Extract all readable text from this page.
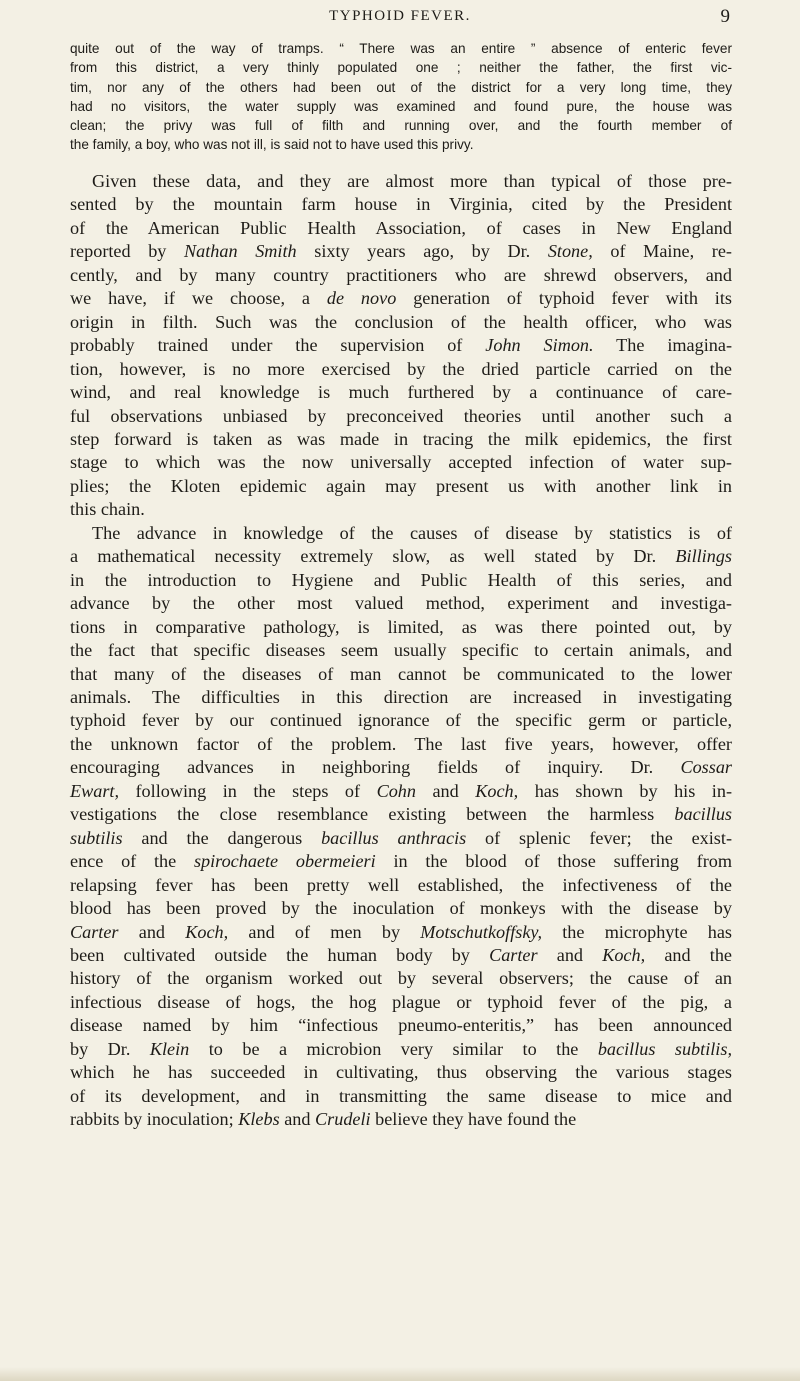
TYPHOID FEVER.	9
quite out of the way of tramps. “ There was an entire ” absence of enteric fever
from this district, a very thinly populated one ; neither the father, the first vic-
tim, nor any of the others had been out of the district for a very long time, they
had no visitors, the water supply was examined and found pure, the house was
clean; the privy was full of filth and running over, and the fourth member of
the family, a boy, who was not ill, is said not to have used this privy.
Given these data, and they are almost more than typical of those pre-
sented by the mountain farm house in Virginia, cited by the President
of the American Public Health Association, of cases in New England
reported by Nathan Smith sixty years ago, by Dr. Stone, of Maine, re-
cently, and by many country practitioners who are shrewd observers, and
we have, if we choose, a de novo generation of typhoid fever with its
origin in filth. Such was the conclusion of the health officer, who was
probably trained under the supervision of John Simon. The imagina-
tion, however, is no more exercised by the dried particle carried on the
wind, and real knowledge is much furthered by a continuance of care-
ful observations unbiased by preconceived theories until another such a
step forward is taken as was made in tracing the milk epidemics, the first
stage to which was the now universally accepted infection of water sup-
plies; the Kloten epidemic again may present us with another link in
this chain.
The advance in knowledge of the causes of disease by statistics is of
a mathematical necessity extremely slow, as well stated by Dr. Billings
in the introduction to Hygiene and Public Health of this series, and
advance by the other most valued method, experiment and investiga-
tions in comparative pathology, is limited, as was there pointed out, by
the fact that specific diseases seem usually specific to certain animals, and
that many of the diseases of man cannot be communicated to the lower
animals. The difficulties in this direction are increased in investigating
typhoid fever by our continued ignorance of the specific germ or particle,
the unknown factor of the problem. The last five years, however, offer
encouraging advances in neighboring fields of inquiry. Dr. Cossar
Ewart, following in the steps of Cohn and Koch, has shown by his in-
vestigations the close resemblance existing between the harmless bacillus
subtilis and the dangerous bacillus anthracis of splenic fever; the exist-
ence of the spirochaete obermeieri in the blood of those suffering from
relapsing fever has been pretty well established, the infectiveness of the
blood has been proved by the inoculation of monkeys with the disease by
Carter and Koch, and of men by Motschutkoffsky, the microphyte has
been cultivated outside the human body by Carter and Koch, and the
history of the organism worked out by several observers; the cause of an
infectious disease of hogs, the hog plague or typhoid fever of the pig, a
disease named by him “infectious pneumo-enteritis,” has been announced
by Dr. Klein to be a microbion very similar to the bacillus subtilis,
which he has succeeded in cultivating, thus observing the various stages
of its development, and in transmitting the same disease to mice and
rabbits by inoculation; Klebs and Crudeli believe they have found the
